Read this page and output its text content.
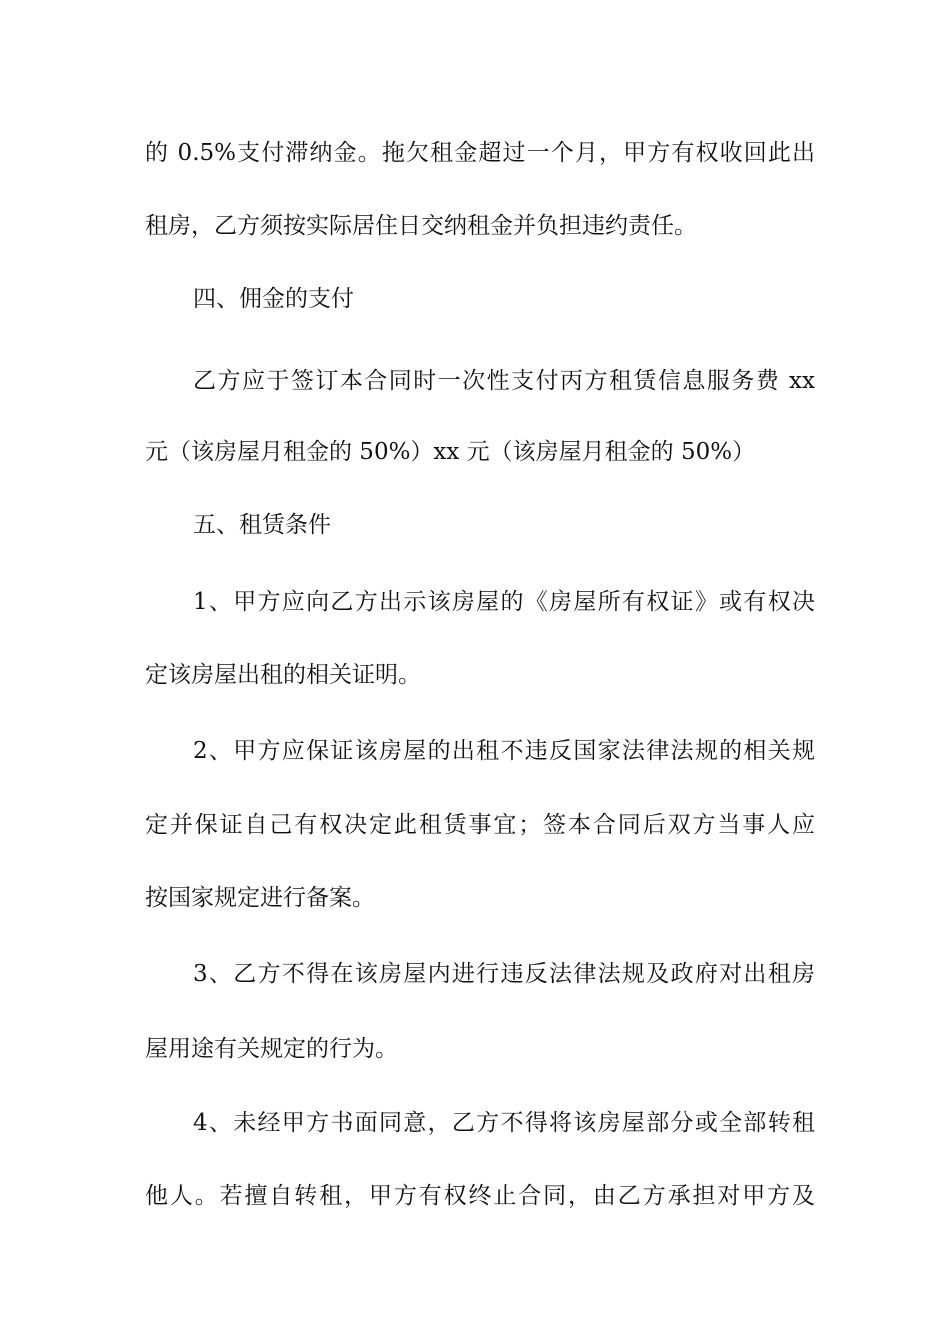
的 0.5%支付滞纳金。拖欠租金超过一个月，甲方有权收回此出
租房，乙方须按实际居住日交纳租金并负担违约责任。
四、佣金的支付
乙方应于签订本合同时一次性支付丙方租赁信息服务费 xx
元（该房屋月租金的 50%）xx 元（该房屋月租金的 50%）
五、租赁条件
1、甲方应向乙方出示该房屋的《房屋所有权证》或有权决
定该房屋出租的相关证明。
2、甲方应保证该房屋的出租不违反国家法律法规的相关规
定并保证自己有权决定此租赁事宜；签本合同后双方当事人应
按国家规定进行备案。
3、乙方不得在该房屋内进行违反法律法规及政府对出租房
屋用途有关规定的行为。
4、未经甲方书面同意，乙方不得将该房屋部分或全部转租
他人。若擅自转租，甲方有权终止合同，由乙方承担对甲方及
